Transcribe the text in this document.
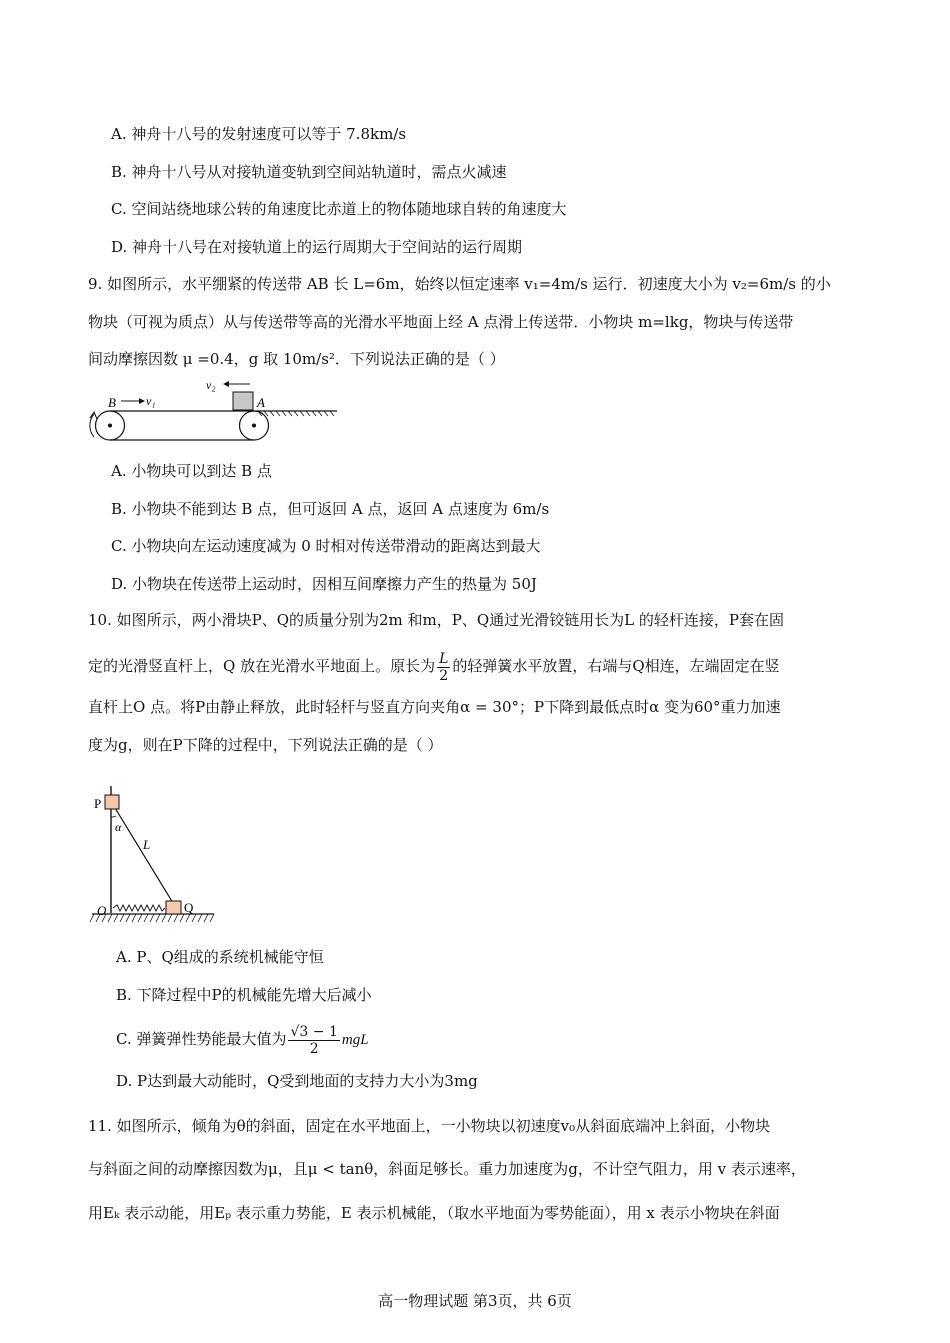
A. 神舟十八号的发射速度可以等于 7.8km/s
B. 神舟十八号从对接轨道变轨到空间站轨道时，需点火减速
C. 空间站绕地球公转的角速度比赤道上的物体随地球自转的角速度大
D. 神舟十八号在对接轨道上的运行周期大于空间站的运行周期
9. 如图所示，水平绷紧的传送带 AB 长 L=6m，始终以恒定速率 v₁=4m/s 运行．初速度大小为 v₂=6m/s 的小
物块（可视为质点）从与传送带等高的光滑水平地面上经 A 点滑上传送带．小物块 m=lkg，物块与传送带
间动摩擦因数 μ =0.4，g 取 10m/s²．下列说法正确的是（ ）
B	A
v₁
v₂
A. 小物块可以到达 B 点
B. 小物块不能到达 B 点，但可返回 A 点，返回 A 点速度为 6m/s
C. 小物块向左运动速度减为 0 时相对传送带滑动的距离达到最大
D. 小物块在传送带上运动时，因相互间摩擦力产生的热量为 50J
10. 如图所示，两小滑块P、Q的质量分别为2m 和m，P、Q通过光滑铰链用长为L 的轻杆连接，P套在固
定的光滑竖直杆上，Q 放在光滑水平地面上。原长为 $\frac{L}{2}$ 的轻弹簧水平放置，右端与Q相连，左端固定在竖
直杆上O 点。将P由静止释放，此时轻杆与竖直方向夹角α = 30°；P下降到最低点时α 变为60°重力加速
度为g，则在P下降的过程中，下列说法正确的是（ ）
P
Q
O
α
L
A. P、Q组成的系统机械能守恒
B. 下降过程中P的机械能先增大后减小
C. 弹簧弹性势能最大值为 $\frac{√3 - 1}{2}$ mgL
D. P达到最大动能时，Q受到地面的支持力大小为3mg
11. 如图所示，倾角为θ的斜面，固定在水平地面上，一小物块以初速度v₀从斜面底端冲上斜面，小物块
与斜面之间的动摩擦因数为μ，且μ < tanθ，斜面足够长。重力加速度为g，不计空气阻力，用 v 表示速率，
用Eₖ 表示动能，用Eₚ 表示重力势能，E 表示机械能，（取水平地面为零势能面），用 x 表示小物块在斜面
高一物理试题 第3页，共 6页
